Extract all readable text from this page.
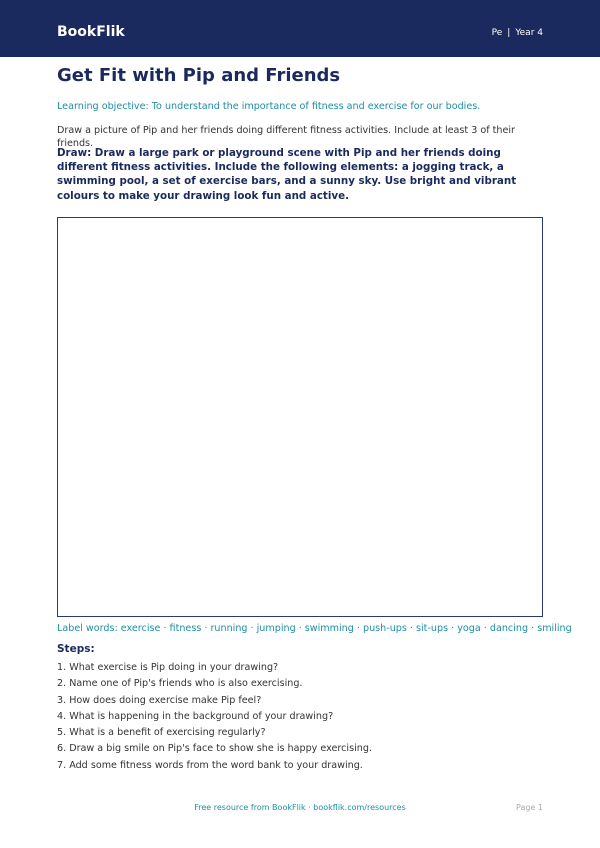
BookFlik	Pe | Year 4
Get Fit with Pip and Friends

Learning objective: To understand the importance of fitness and exercise for our bodies.

Draw a picture of Pip and her friends doing different fitness activities. Include at least 3 of their friends.

Draw: Draw a large park or playground scene with Pip and her friends doing different fitness activities. Include the following elements: a jogging track, a swimming pool, a set of exercise bars, and a sunny sky. Use bright and vibrant colours to make your drawing look fun and active.

Label words: exercise · fitness · running · jumping · swimming · push-ups · sit-ups · yoga · dancing · smiling

Steps:
1. What exercise is Pip doing in your drawing?
2. Name one of Pip's friends who is also exercising.
3. How does doing exercise make Pip feel?
4. What is happening in the background of your drawing?
5. What is a benefit of exercising regularly?
6. Draw a big smile on Pip's face to show she is happy exercising.
7. Add some fitness words from the word bank to your drawing.
Free resource from BookFlik · bookflik.com/resources	Page 1
